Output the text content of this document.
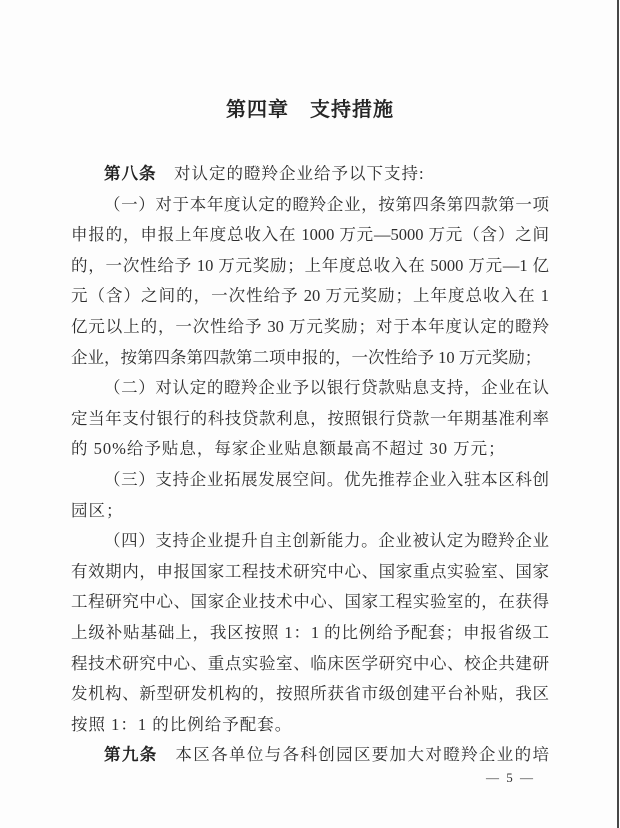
第四章　支持措施
第八条　对认定的瞪羚企业给予以下支持:
（一）对于本年度认定的瞪羚企业，按第四条第四款第一项
申报的，申报上年度总收入在 1000 万元—5000 万元（含）之间
的，一次性给予 10 万元奖励；上年度总收入在 5000 万元—1 亿
元（含）之间的，一次性给予 20 万元奖励；上年度总收入在 1
亿元以上的，一次性给予 30 万元奖励；对于本年度认定的瞪羚
企业，按第四条第四款第二项申报的，一次性给予 10 万元奖励；
（二）对认定的瞪羚企业予以银行贷款贴息支持，企业在认
定当年支付银行的科技贷款利息，按照银行贷款一年期基准利率
的 50%给予贴息，每家企业贴息额最高不超过 30 万元；
（三）支持企业拓展发展空间。优先推荐企业入驻本区科创
园区；
（四）支持企业提升自主创新能力。企业被认定为瞪羚企业
有效期内，申报国家工程技术研究中心、国家重点实验室、国家
工程研究中心、国家企业技术中心、国家工程实验室的，在获得
上级补贴基础上，我区按照 1：1 的比例给予配套；申报省级工
程技术研究中心、重点实验室、临床医学研究中心、校企共建研
发机构、新型研发机构的，按照所获省市级创建平台补贴，我区
按照 1：1 的比例给予配套。
第九条　本区各单位与各科创园区要加大对瞪羚企业的培
— 5 —
